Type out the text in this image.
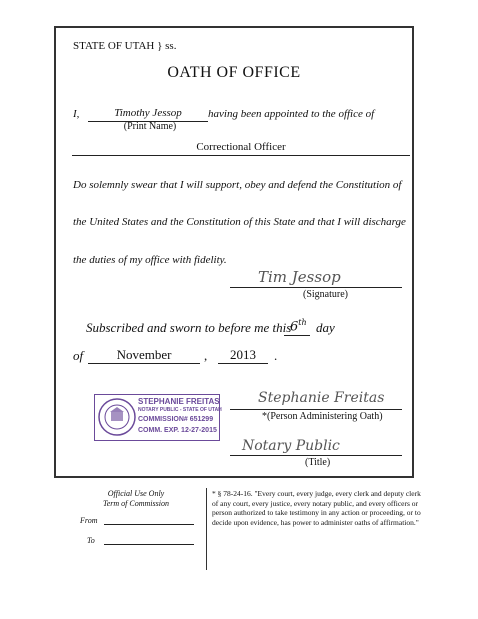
STATE OF UTAH } ss.
OATH OF OFFICE
I,	Timothy Jessop
(Print Name)
having been appointed to the office of
Correctional Officer
Do solemnly swear that I will support, obey and defend the Constitution of
the United States and the Constitution of this State and that I will discharge
the duties of my office with fidelity.
Tim Jessop
(Signature)
Subscribed and sworn to before me this
6th day
of	November	,	2013	.
STEPHANIE FREITAS
NOTARY PUBLIC - STATE OF UTAH
COMMISSION# 651299
COMM. EXP. 12-27-2015
Stephanie Freitas
*(Person Administering Oath)
Notary Public
(Title)
Official Use Only
Term of Commission
From
To
* § 78-24-16. "Every court, every judge, every clerk and deputy clerk of any court, every justice, every notary public, and every officers or person authorized to take testimony in any action or proceeding, or to decide upon evidence, has power to administer oaths of affirmation."
